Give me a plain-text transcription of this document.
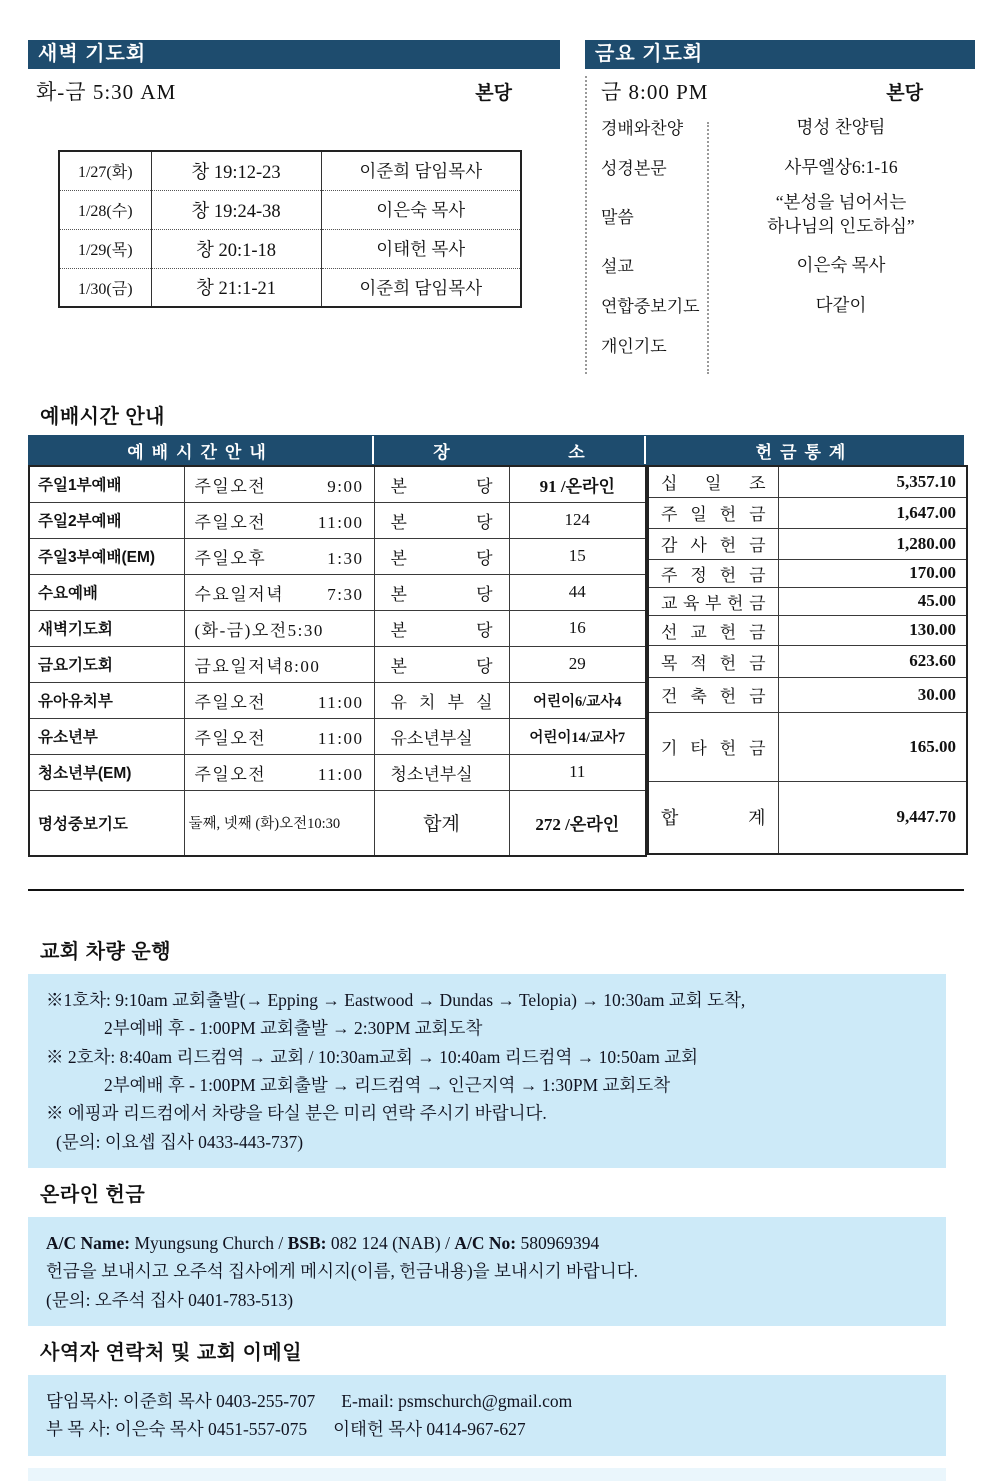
새벽 기도회
화-금 5:30 AM	본당
1/27(화)	창 19:12-23	이준희 담임목사
1/28(수)	창 19:24-38	이은숙 목사
1/29(목)	창 20:1-18	이태헌 목사
1/30(금)	창 21:1-21	이준희 담임목사
금요 기도회
금 8:00 PM	본당
경배와찬양	명성 찬양팀
성경본문	사무엘상6:1-16
말씀
“본성을 넘어서는
하나님의 인도하심”
설교	이은숙 목사
연합중보기도	다같이
개인기도
예배시간 안내
예배시간안내	장	소	헌금통계
주일1부예배	주일오전 9:00	본 당	91 /온라인
주일2부예배	주일오전 11:00	본 당	124
주일3부예배(EM)	주일오후 1:30	본 당	15
수요예배	수요일저녁 7:30	본 당	44
새벽기도회	(화-금)오전5:30	본 당	16
금요기도회	금요일저녁8:00	본 당	29
유아유치부	주일오전 11:00	유 치 부 실	어린이6/교사4
유소년부	주일오전 11:00	유소년부실	어린이14/교사7
청소년부(EM)	주일오전 11:00	청소년부실	11
명성중보기도	둘째, 넷째 (화)오전10:30	합계	272 /온라인
십 일 조	5,357.10
주 일 헌 금	1,647.00
감 사 헌 금	1,280.00
주 정 헌 금	170.00
교 육 부 헌 금	45.00
선 교 헌 금	130.00
목 적 헌 금	623.60
건 축 헌 금	30.00
기 타 헌 금	165.00
합 계	9,447.70
교회 차량 운행
※1호차: 9:10am 교회출발(→ Epping → Eastwood → Dundas → Telopia) → 10:30am 교회 도착,
2부예배 후 - 1:00PM 교회출발 → 2:30PM 교회도착
※ 2호차: 8:40am 리드컴역 → 교회 / 10:30am교회 → 10:40am 리드컴역 → 10:50am 교회
2부예배 후 - 1:00PM 교회출발 → 리드컴역 → 인근지역 → 1:30PM 교회도착
※ 에핑과 리드컴에서 차량을 타실 분은 미리 연락 주시기 바랍니다.
(문의: 이요셉 집사 0433-443-737)
온라인 헌금
A/C Name: Myungsung Church / BSB: 082 124 (NAB) / A/C No: 580969394
헌금을 보내시고 오주석 집사에게 메시지(이름, 헌금내용)을 보내시기 바랍니다.
(문의: 오주석 집사 0401-783-513)
사역자 연락처 및 교회 이메일
담임목사: 이준희 목사 0403-255-707 E-mail: psmschurch@gmail.com
부 목 사: 이은숙 목사 0451-557-075 이태헌 목사 0414-967-627
